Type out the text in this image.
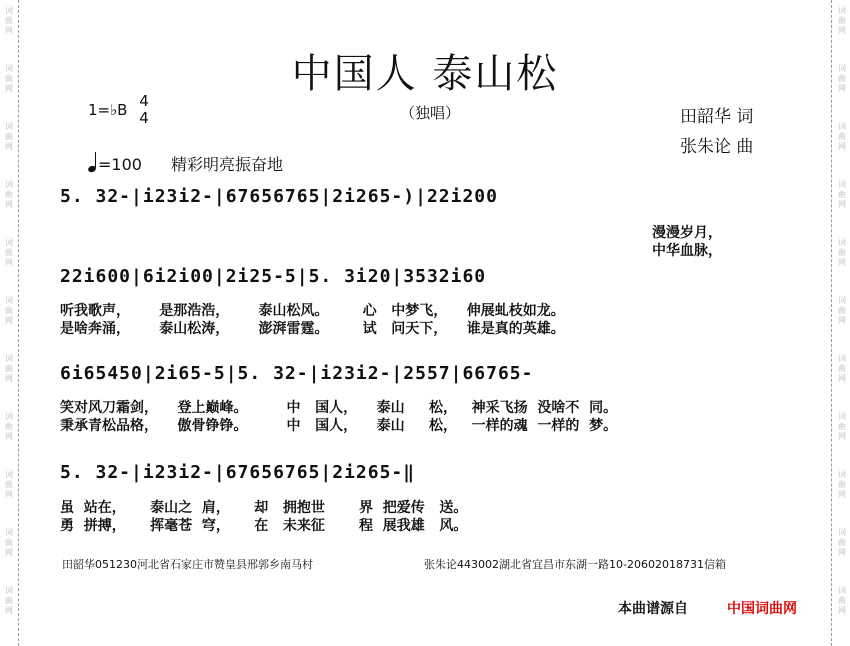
词
曲
网
词
曲
网
词
曲
网
词
曲
网
词
曲
网
词
曲
网
词
曲
网
词
曲
网
词
曲
网
词
曲
网
词
曲
网
词
曲
网
词
曲
网
词
曲
网
词
曲
网
词
曲
网
词
曲
网
词
曲
网
词
曲
网
词
曲
网
词
曲
网
词
曲
网
中国人 泰山松
（独唱）	田韶华 词
张朱论 曲
1=♭B 4
4
=100 精彩明亮振奋地
5. 32-|i23i2-|67656765|2i265-)|22i200
漫漫岁月，
中华血脉，
22i600|6i2i00|2i25-5|5. 3i20|3532i60
听我歌声，      是那浩浩，      泰山松风。       心   中梦飞，    伸展虬枝如龙。
是啥奔涌，      泰山松涛，      澎湃雷霆。       试   问天下，    谁是真的英雄。
6i65450|2i65-5|5. 32-|i23i2-|2557|66765-
笑对风刀霜剑，    登上巅峰。        中   国人，    泰山     松，   神采飞扬  没啥不  同。
秉承青松品格，    傲骨铮铮。        中   国人，    泰山     松，   一样的魂  一样的  梦。
5. 32-|i23i2-|67656765|2i265-‖
虽  站在，     泰山之  肩，     却   拥抱世       界  把爱传   送。
勇  拼搏，     挥毫苍  穹，     在   未来征       程  展我雄   风。
田韶华051230河北省石家庄市赞皇县邢郭乡南马村	张朱论443002湖北省宜昌市东湖一路10-20602018731信箱
本曲谱源自	中国词曲网
